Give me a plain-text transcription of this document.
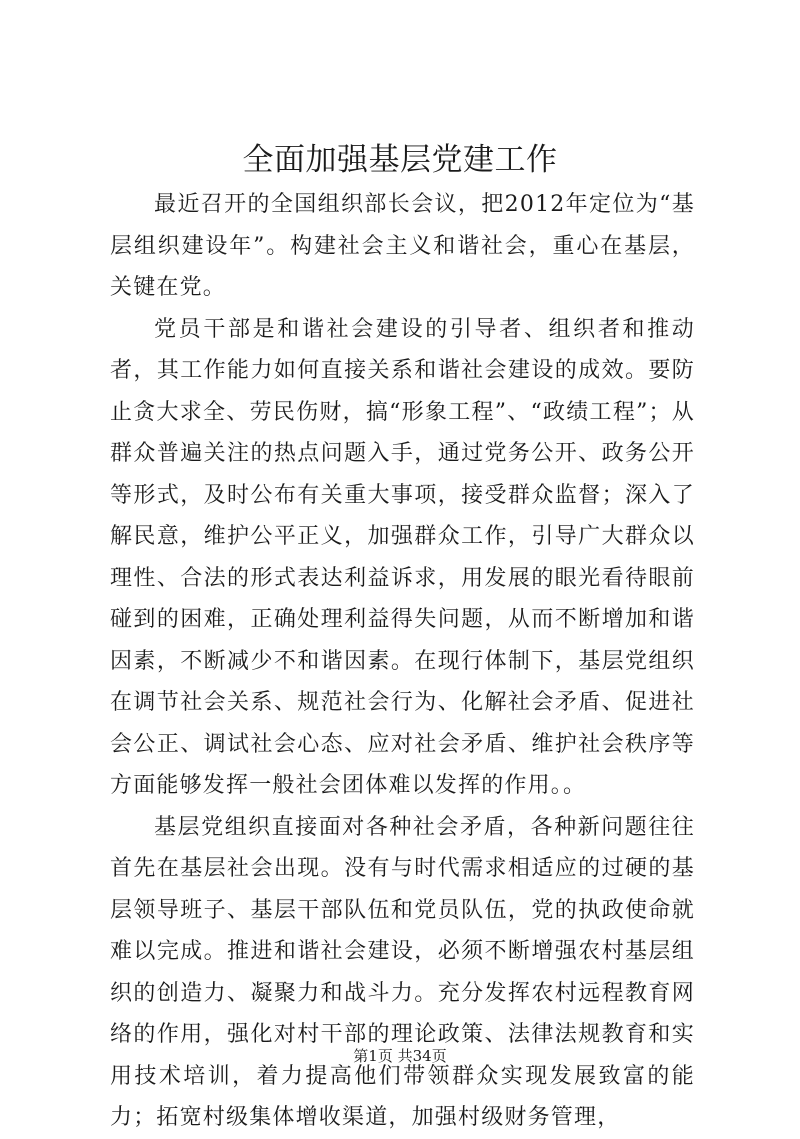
全面加强基层党建工作

最近召开的全国组织部长会议，把2012年定位为“基层组织建设年”。构建社会主义和谐社会，重心在基层，关键在党。

党员干部是和谐社会建设的引导者、组织者和推动者，其工作能力如何直接关系和谐社会建设的成效。要防止贪大求全、劳民伤财，搞“形象工程”、“政绩工程”；从群众普遍关注的热点问题入手，通过党务公开、政务公开等形式，及时公布有关重大事项，接受群众监督；深入了解民意，维护公平正义，加强群众工作，引导广大群众以理性、合法的形式表达利益诉求，用发展的眼光看待眼前碰到的困难，正确处理利益得失问题，从而不断增加和谐因素，不断减少不和谐因素。在现行体制下，基层党组织在调节社会关系、规范社会行为、化解社会矛盾、促进社会公正、调试社会心态、应对社会矛盾、维护社会秩序等方面能够发挥一般社会团体难以发挥的作用。。

基层党组织直接面对各种社会矛盾，各种新问题往往首先在基层社会出现。没有与时代需求相适应的过硬的基层领导班子、基层干部队伍和党员队伍，党的执政使命就难以完成。推进和谐社会建设，必须不断增强农村基层组织的创造力、凝聚力和战斗力。充分发挥农村远程教育网络的作用，强化对村干部的理论政策、法律法规教育和实用技术培训，着力提高他们带领群众实现发展致富的能力；拓宽村级集体增收渠道，加强村级财务管理，

第1页 共34页
